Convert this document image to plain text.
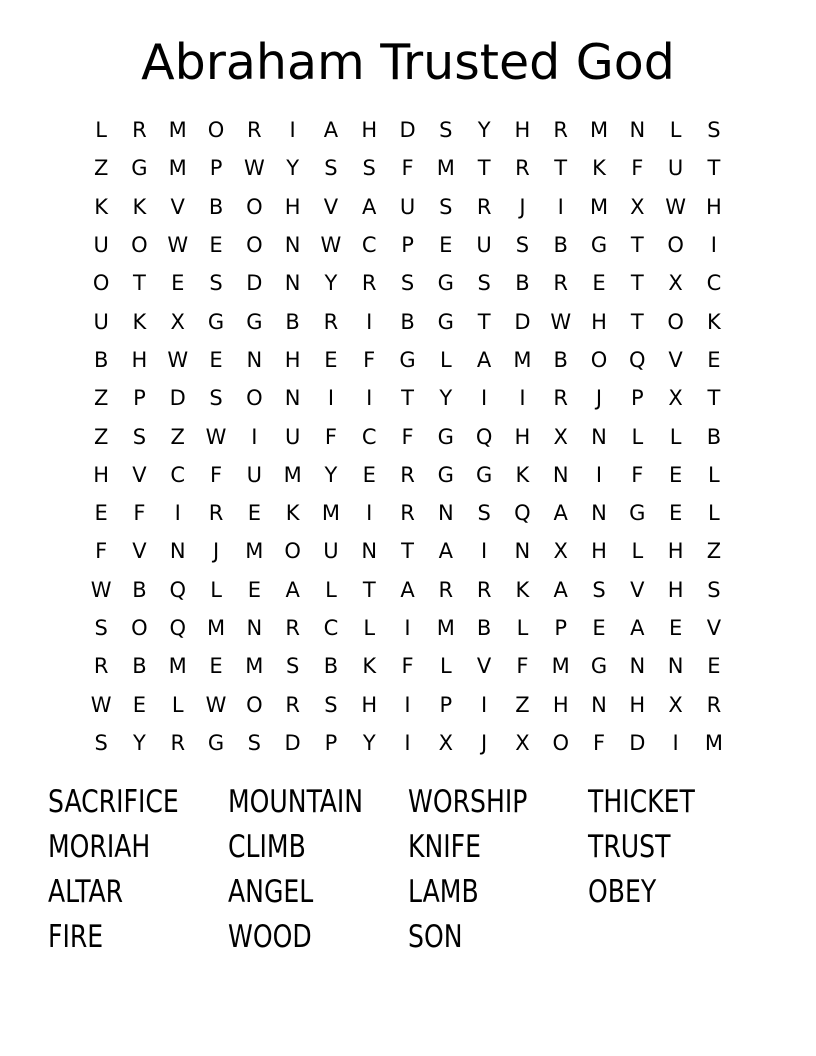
Abraham Trusted God
L	R	M O	R	I	A	H	D	S	Y	H	R	M	N	L	S
Z	G	M	P	W	Y	S	S	F	M	T	R	T	K	F	U	T
K	K	V	B	O	H	V	A	U	S	R	J	I	M	X W H
U	O W	E	O	N W C	P	E	U	S	B	G	T	O	I
O	T	E	S	D	N	Y	R	S	G	S	B	R	E	T	X	C
U	K	X	G	G	B	R	I	B	G	T	D W H	T	O	K
B	H W	E	N	H	E	F	G	L	A	M	B	O	Q	V	E
Z	P	D	S	O	N	I	I	T	Y	I	I	R	J	P	X	T
Z	S	Z W	I	U	F	C	F	G	Q	H	X	N	L	L	B
H	V	C	F	U	M	Y	E	R	G	G	K	N	I	F	E	L
E	F	I	R	E	K	M	I	R	N	S	Q	A	N	G	E	L
F	V	N	J	M O	U	N	T	A	I	N	X	H	L	H	Z
W B	Q	L	E	A	L	T	A	R	R	K	A	S	V	H	S
S	O	Q M	N	R	C	L	I	M	B	L	P	E	A	E	V
R	B	M	E	M	S	B	K	F	L	V	F	M	G	N	N	E
W	E	L	W O	R	S	H	I	P	I	Z	H	N	H	X	R
S	Y	R	G	S	D	P	Y	I	X	J	X	O	F	D	I	M
SACRIFICE	MOUNTAIN	WORSHIP	THICKET
MORIAH	CLIMB	KNIFE	TRUST
ALTAR	ANGEL	LAMB	OBEY
FIRE	WOOD	SON
